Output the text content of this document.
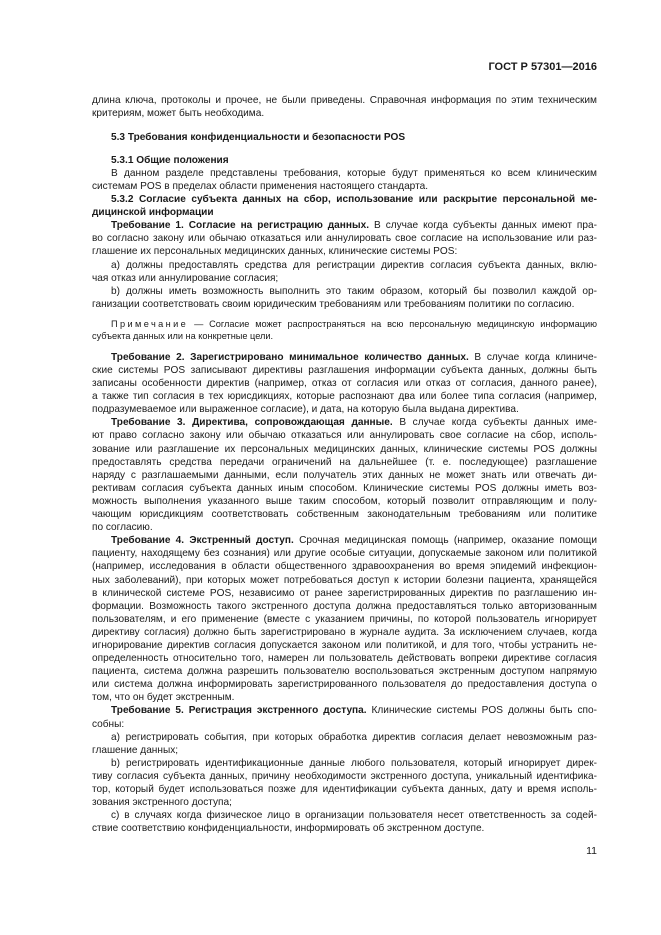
ГОСТ Р 57301—2016
длина ключа, протоколы и прочее, не были приведены. Справочная информация по этим техническим
критериям, может быть необходима.
5.3 Требования конфиденциальности и безопасности POS
5.3.1 Общие положения
В данном разделе представлены требования, которые будут применяться ко всем клиническим
системам POS в пределах области применения настоящего стандарта.
5.3.2 Согласие субъекта данных на сбор, использование или раскрытие персональной ме-
дицинской информации
Требование 1. Согласие на регистрацию данных. В случае когда субъекты данных имеют пра-
во согласно закону или обычаю отказаться или аннулировать свое согласие на использование или раз-
глашение их персональных медицинских данных, клинические системы POS:
a) должны предоставлять средства для регистрации директив согласия субъекта данных, вклю-
чая отказ или аннулирование согласия;
b) должны иметь возможность выполнить это таким образом, который бы позволил каждой ор-
ганизации соответствовать своим юридическим требованиям или требованиям политики по согласию.
Примечание — Согласие может распространяться на всю персональную медицинскую информацию
субъекта данных или на конкретные цели.
Требование 2. Зарегистрировано минимальное количество данных. В случае когда клиниче-
ские системы POS записывают директивы разглашения информации субъекта данных, должны быть
записаны особенности директив (например, отказ от согласия или отказ от согласия, данного ранее),
а также тип согласия в тех юрисдикциях, которые распознают два или более типа согласия (например,
подразумеваемое или выраженное согласие), и дата, на которую была выдана директива.
Требование 3. Директива, сопровождающая данные. В случае когда субъекты данных име-
ют право согласно закону или обычаю отказаться или аннулировать свое согласие на сбор, исполь-
зование или разглашение их персональных медицинских данных, клинические системы POS должны
предоставлять средства передачи ограничений на дальнейшее (т. е. последующее) разглашение
наряду с разглашаемыми данными, если получатель этих данных не может знать или отвечать ди-
рективам согласия субъекта данных иным способом. Клинические системы POS должны иметь воз-
можность выполнения указанного выше таким способом, который позволит отправляющим и полу-
чающим юрисдикциям соответствовать собственным законодательным требованиям или политике
по согласию.
Требование 4. Экстренный доступ. Срочная медицинская помощь (например, оказание помощи
пациенту, находящему без сознания) или другие особые ситуации, допускаемые законом или политикой
(например, исследования в области общественного здравоохранения во время эпидемий инфекцион-
ных заболеваний), при которых может потребоваться доступ к истории болезни пациента, хранящейся
в клинической системе POS, независимо от ранее зарегистрированных директив по разглашению ин-
формации. Возможность такого экстренного доступа должна предоставляться только авторизованным
пользователям, и его применение (вместе с указанием причины, по которой пользователь игнорирует
директиву согласия) должно быть зарегистрировано в журнале аудита. За исключением случаев, когда
игнорирование директив согласия допускается законом или политикой, и для того, чтобы устранить не-
определенность относительно того, намерен ли пользователь действовать вопреки директиве согласия
пациента, система должна разрешить пользователю воспользоваться экстренным доступом напрямую
или система должна информировать зарегистрированного пользователя до предоставления доступа о
том, что он будет экстренным.
Требование 5. Регистрация экстренного доступа. Клинические системы POS должны быть спо-
собны:
a) регистрировать события, при которых обработка директив согласия делает невозможным раз-
глашение данных;
b) регистрировать идентификационные данные любого пользователя, который игнорирует дирек-
тиву согласия субъекта данных, причину необходимости экстренного доступа, уникальный идентифика-
тор, который будет использоваться позже для идентификации субъекта данных, дату и время исполь-
зования экстренного доступа;
c) в случаях когда физическое лицо в организации пользователя несет ответственность за содей-
ствие соответствию конфиденциальности, информировать об экстренном доступе.
11
